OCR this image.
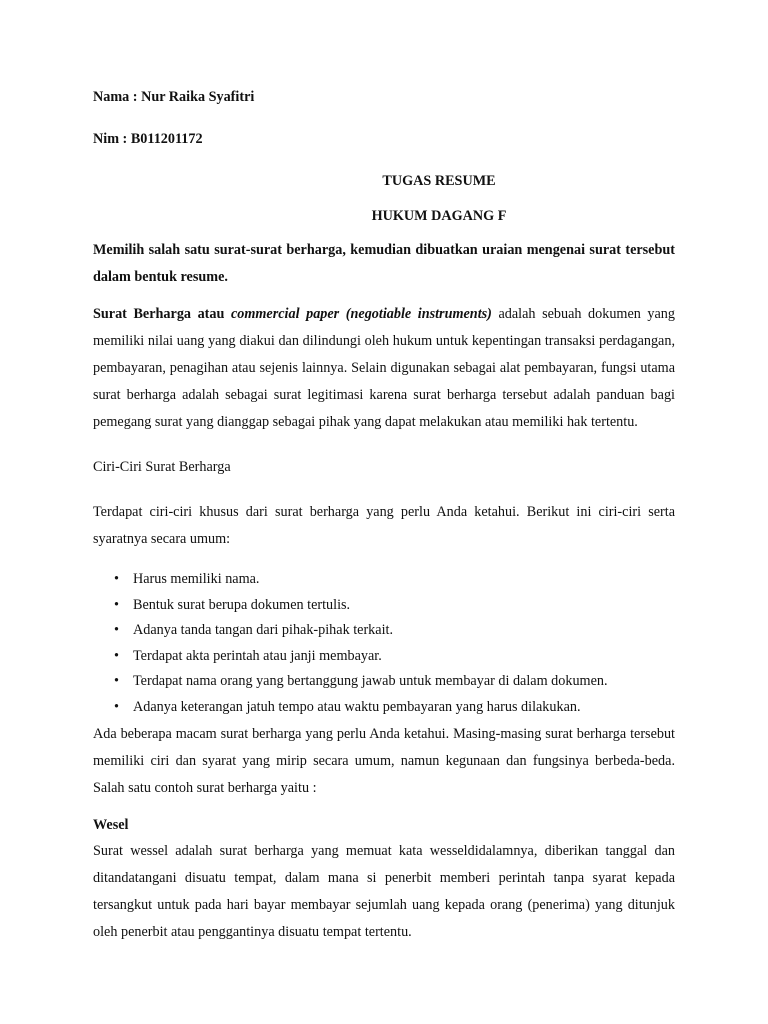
Nama : Nur Raika Syafitri

Nim : B011201172

TUGAS RESUME

HUKUM DAGANG F

Memilih salah satu surat-surat berharga, kemudian dibuatkan uraian mengenai surat tersebut dalam bentuk resume.

Surat Berharga atau commercial paper (negotiable instruments) adalah sebuah dokumen yang memiliki nilai uang yang diakui dan dilindungi oleh hukum untuk kepentingan transaksi perdagangan, pembayaran, penagihan atau sejenis lainnya. Selain digunakan sebagai alat pembayaran, fungsi utama surat berharga adalah sebagai surat legitimasi karena surat berharga tersebut adalah panduan bagi pemegang surat yang dianggap sebagai pihak yang dapat melakukan atau memiliki hak tertentu.

Ciri-Ciri Surat Berharga

Terdapat ciri-ciri khusus dari surat berharga yang perlu Anda ketahui. Berikut ini ciri-ciri serta syaratnya secara umum:

• Harus memiliki nama.
• Bentuk surat berupa dokumen tertulis.
• Adanya tanda tangan dari pihak-pihak terkait.
• Terdapat akta perintah atau janji membayar.
• Terdapat nama orang yang bertanggung jawab untuk membayar di dalam dokumen.
• Adanya keterangan jatuh tempo atau waktu pembayaran yang harus dilakukan.

Ada beberapa macam surat berharga yang perlu Anda ketahui. Masing-masing surat berharga tersebut memiliki ciri dan syarat yang mirip secara umum, namun kegunaan dan fungsinya berbeda-beda. Salah satu contoh surat berharga yaitu :

Wesel

Surat wessel adalah surat berharga yang memuat kata wesseldidalamnya, diberikan tanggal dan ditandatangani disuatu tempat, dalam mana si penerbit memberi perintah tanpa syarat kepada tersangkut untuk pada hari bayar membayar sejumlah uang kepada orang (penerima) yang ditunjuk oleh penerbit atau penggantinya disuatu tempat tertentu.
